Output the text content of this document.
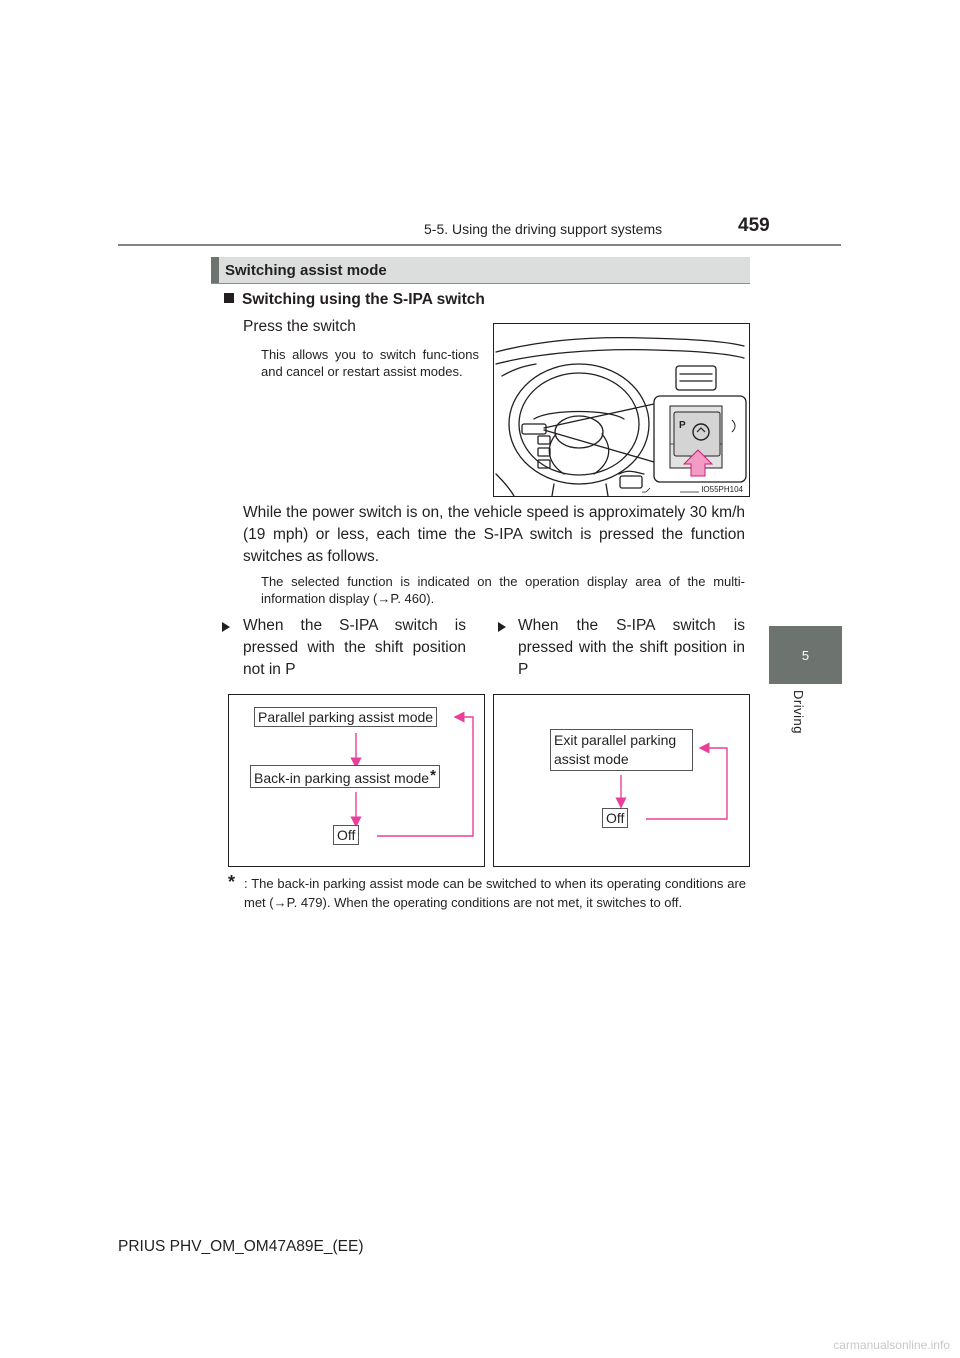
5-5. Using the driving support systems	459
5
Driving
Switching assist mode
Switching using the S-IPA switch
Press the switch
This allows you to switch func-tions and cancel or restart assist modes.
P
IO55PH104
While the power switch is on, the vehicle speed is approximately 30 km/h (19 mph) or less, each time the S-IPA switch is pressed the function switches as follows.
The selected function is indicated on the operation display area of the multi-information display (→P. 460).
When the S-IPA switch is pressed with the shift position not in P
When the S-IPA switch is pressed with the shift position in P
Parallel parking assist mode
Back-in parking assist mode*
Off
Exit parallel parking assist mode
Off
* : The back-in parking assist mode can be switched to when its operating conditions are met (→P. 479). When the operating conditions are not met, it switches to off.
PRIUS PHV_OM_OM47A89E_(EE)
carmanualsonline.info
